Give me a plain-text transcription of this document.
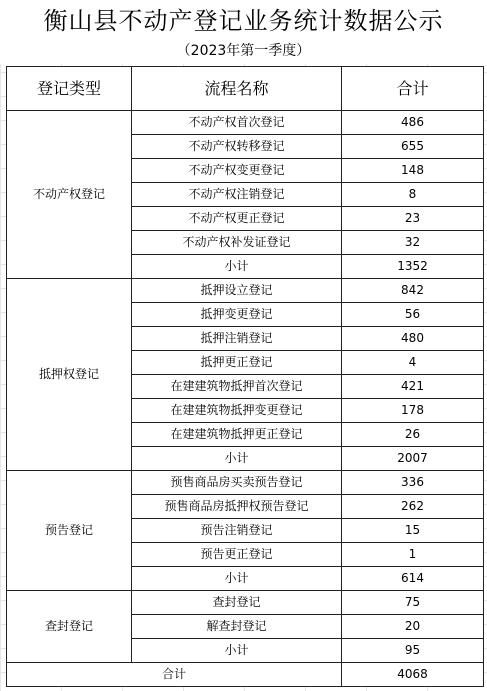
衡山县不动产登记业务统计数据公示
（2023年第一季度）
登记类型	流程名称	合计
不动产权登记	不动产权首次登记	486
	不动产权转移登记	655
	不动产权变更登记	148
	不动产权注销登记	8
	不动产权更正登记	23
	不动产权补发证登记	32
	小计	1352
抵押权登记	抵押设立登记	842
	抵押变更登记	56
	抵押注销登记	480
	抵押更正登记	4
	在建建筑物抵押首次登记	421
	在建建筑物抵押变更登记	178
	在建建筑物抵押更正登记	26
	小计	2007
预告登记	预售商品房买卖预告登记	336
	预售商品房抵押权预告登记	262
	预告注销登记	15
	预告更正登记	1
	小计	614
查封登记	查封登记	75
	解查封登记	20
	小计	95
合计		4068
